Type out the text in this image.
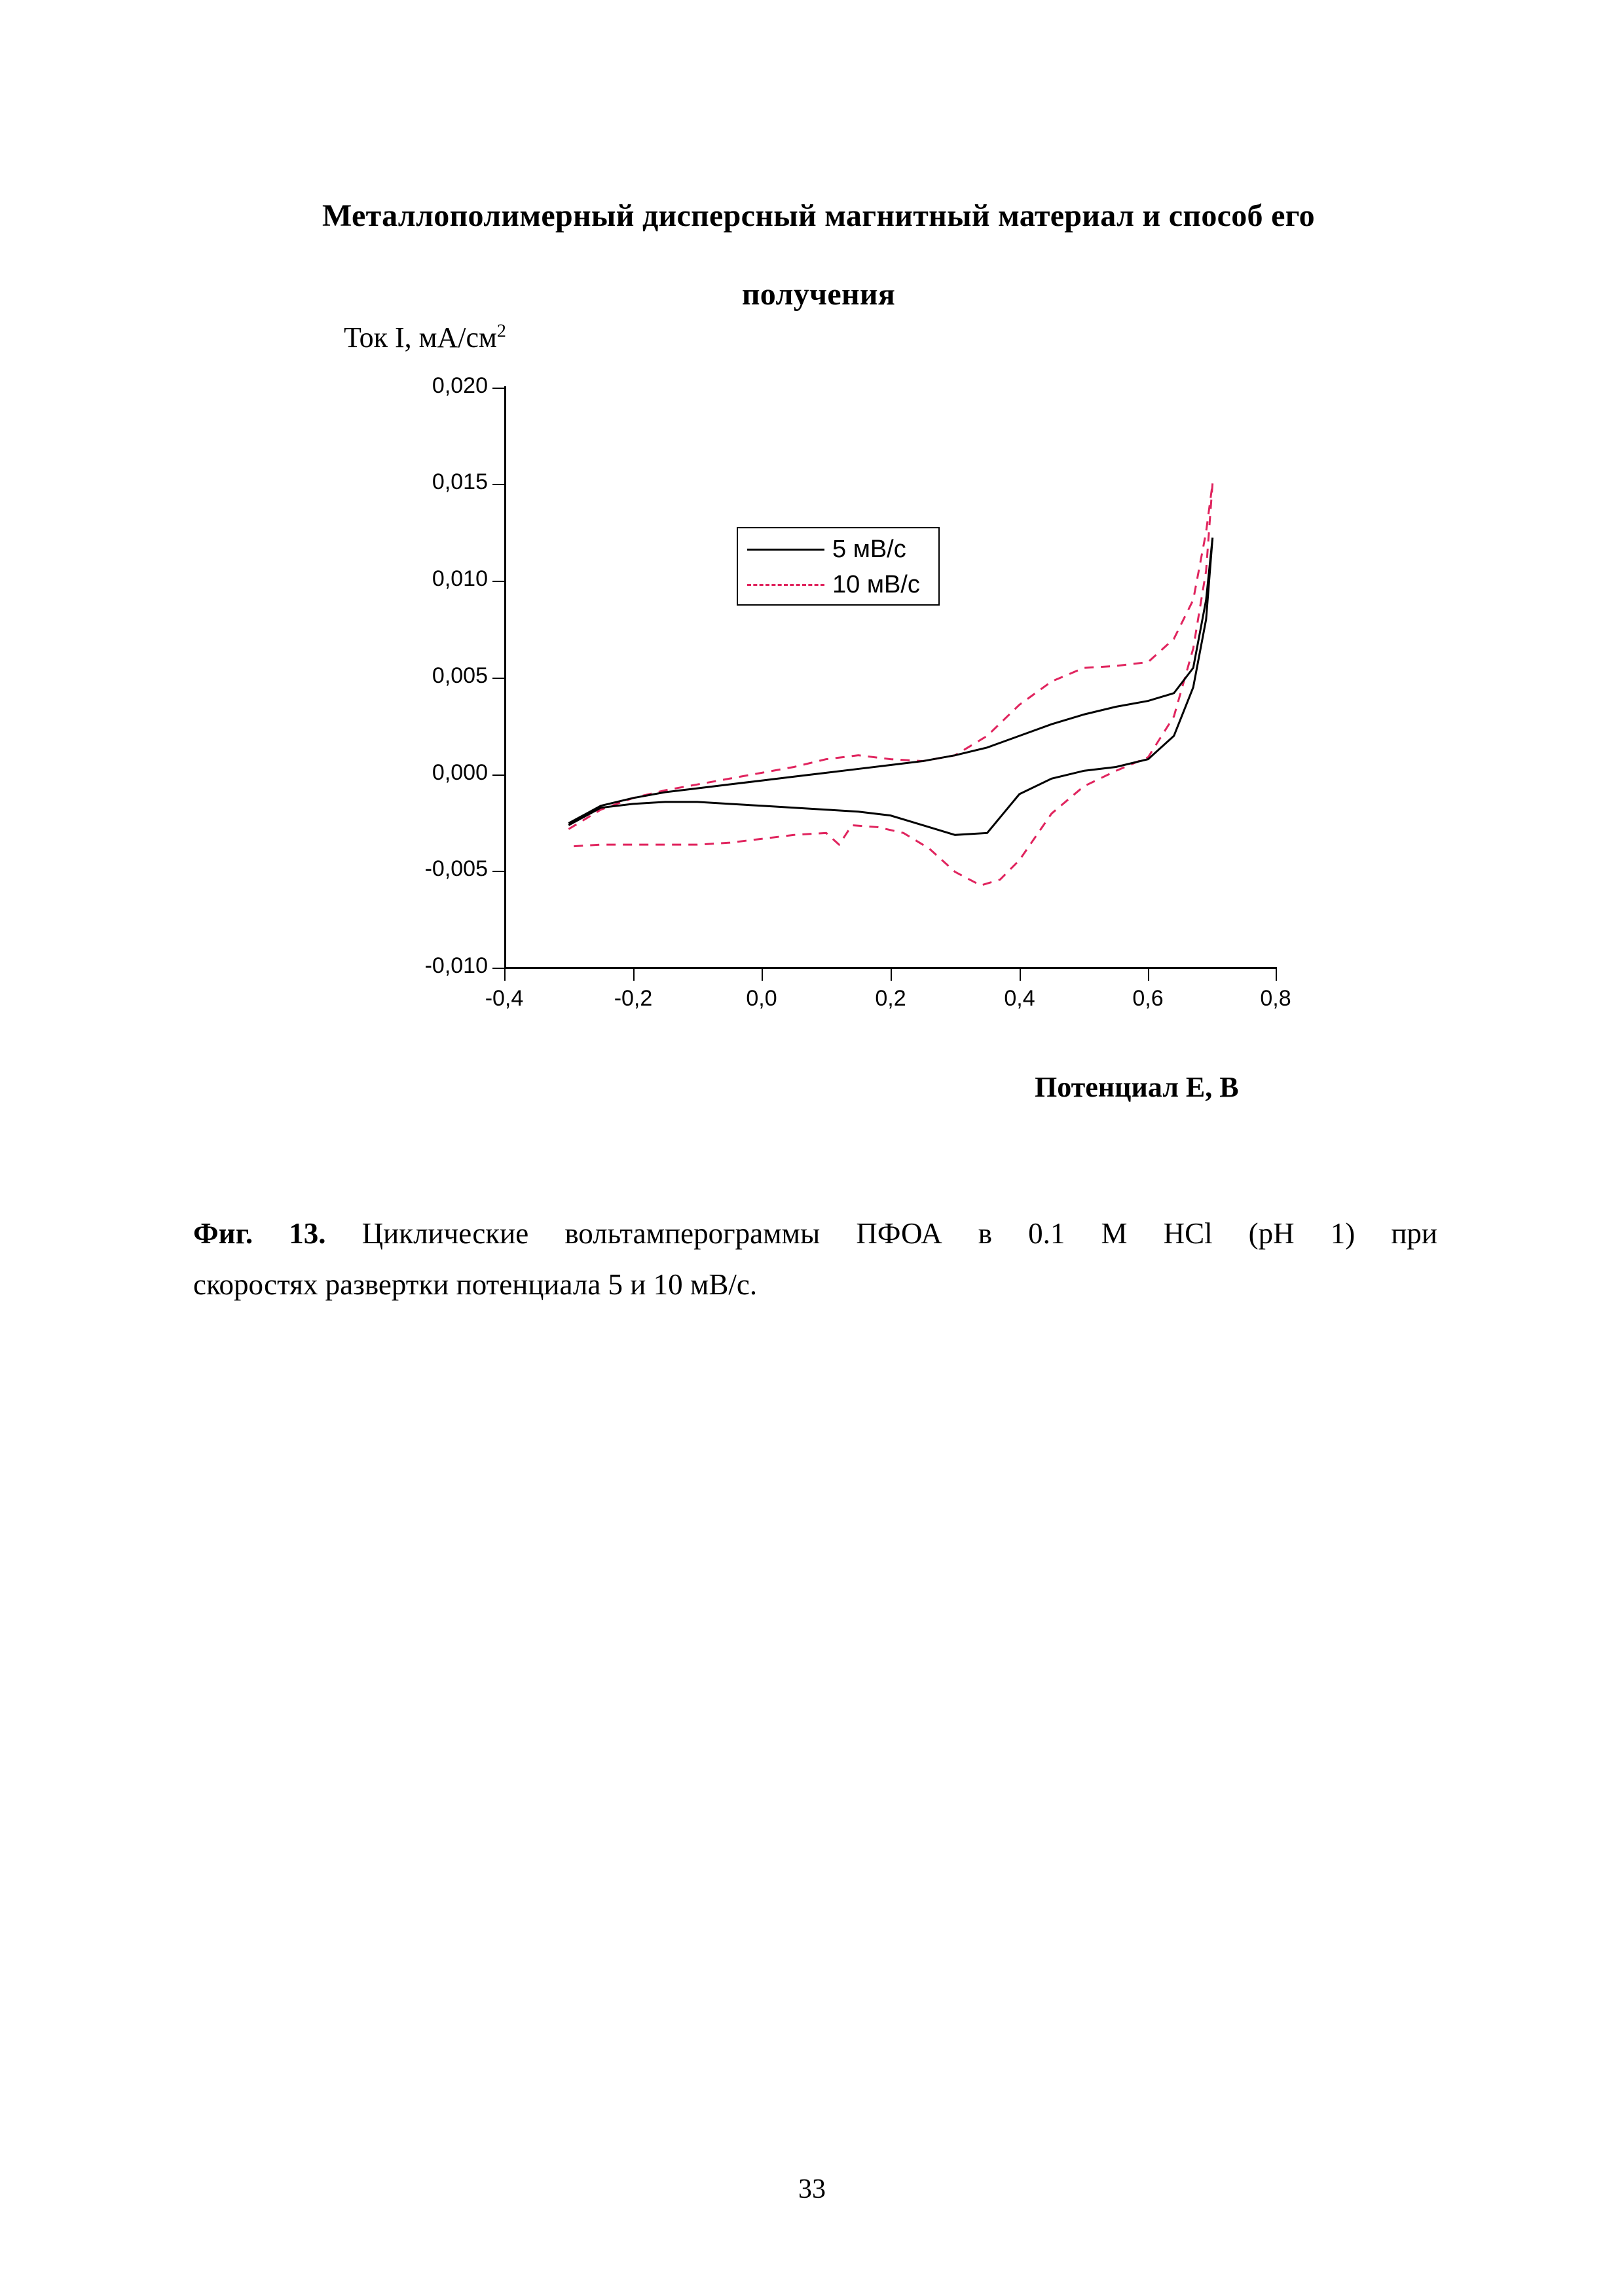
Металлополимерный дисперсный магнитный материал и способ его
получения
Ток I, $мА/см^2$
Потенциал E, В
-0,010
-0,005
0,000
0,005
0,010
0,015
0,020
-0,4	-0,2	0,0	0,2	0,4	0,6	0,8
5 мВ/с
10 мВ/с
Фиг. 13. Циклические вольтамперограммы ПФОА в 0.1 М HCl (pH 1) при
скоростях развертки потенциала 5 и 10 мВ/с.
33
